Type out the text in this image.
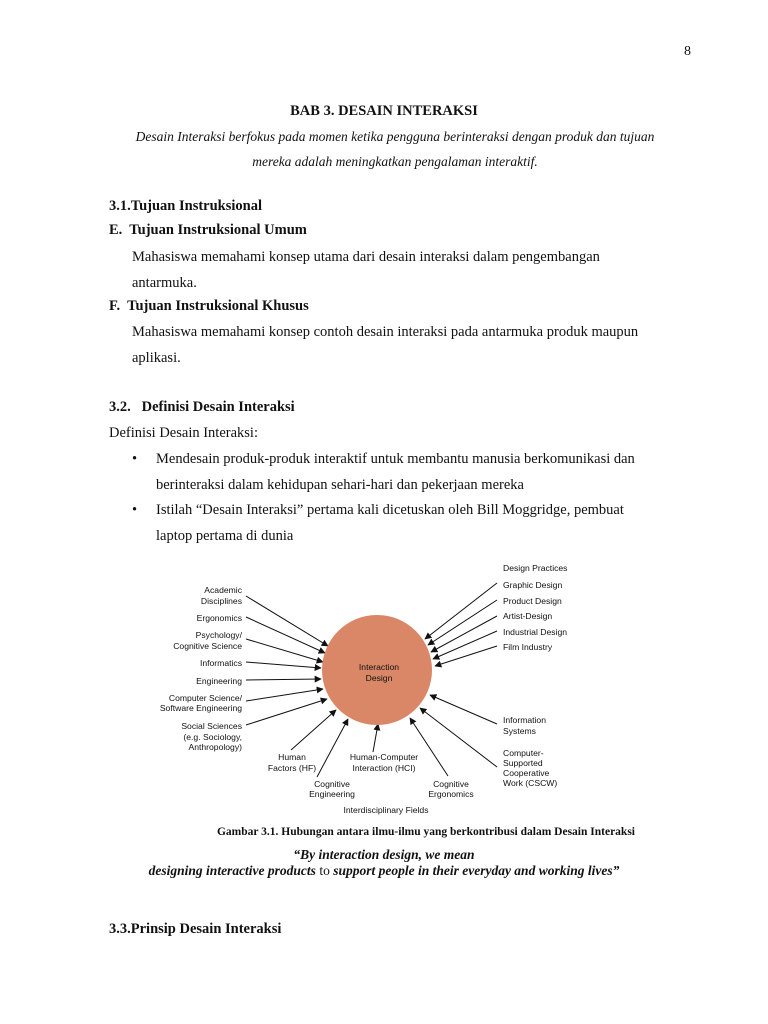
8
BAB 3. DESAIN INTERAKSI
Desain Interaksi berfokus pada momen ketika pengguna berinteraksi dengan produk dan tujuan
mereka adalah meningkatkan pengalaman interaktif.
3.1.Tujuan Instruksional
E.  Tujuan Instruksional Umum
Mahasiswa memahami konsep utama dari desain interaksi dalam pengembangan
antarmuka.
F.  Tujuan Instruksional Khusus
Mahasiswa memahami konsep contoh desain interaksi pada antarmuka produk maupun
aplikasi.
3.2.   Definisi Desain Interaksi
Definisi Desain Interaksi:
• Mendesain produk-produk interaktif untuk membantu manusia berkomunikasi dan
berinteraksi dalam kehidupan sehari-hari dan pekerjaan mereka
• Istilah “Desain Interaksi” pertama kali dicetuskan oleh Bill Moggridge, pembuat
laptop pertama di dunia
Interaction
Design
Academic
Disciplines
Ergonomics
Psychology/
Cognitive Science
Informatics
Engineering
Computer Science/
Software Engineering
Social Sciences
(e.g. Sociology,
Anthropology)
Human
Factors (HF)
Human-Computer
Interaction (HCI)
Cognitive
Engineering
Cognitive
Ergonomics
Design Practices
Graphic Design
Product Design
Artist-Design
Industrial Design
Film Industry
Information
Systems
Computer-
Supported
Cooperative
Work (CSCW)
Interdisciplinary Fields
Gambar 3.1. Hubungan antara ilmu-ilmu yang berkontribusi dalam Desain Interaksi
“By interaction design, we mean
designing interactive products to support people in their everyday and working lives”
3.3.Prinsip Desain Interaksi
